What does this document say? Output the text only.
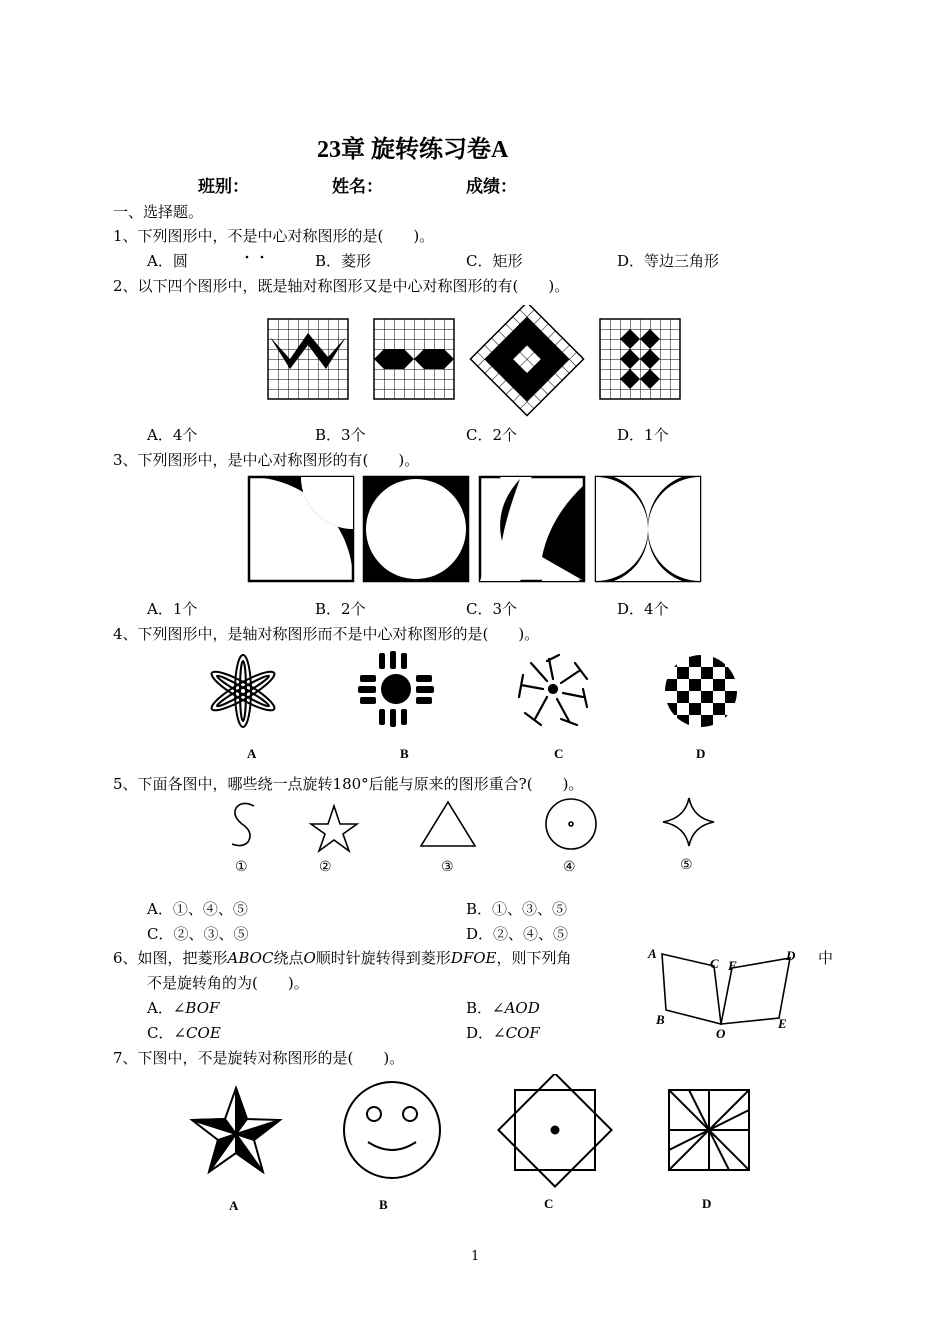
23章 旋转练习卷A
班别：	姓名：	成绩：
一、选择题。
1、下列图形中，不是中心对称图形的是(　　)。
A．圆	B．菱形	C．矩形	D．等边三角形
2、以下四个图形中，既是轴对称图形又是中心对称图形的有(　　)。
A．4个	B．3个	C．2个	D．1个
3、下列图形中，是中心对称图形的有(　　)。
A．1个	B．2个	C．3个	D．4个
4、下列图形中，是轴对称图形而不是中心对称图形的是(　　)。
A	B	C	D
5、下面各图中，哪些绕一点旋转180°后能与原来的图形重合?(　　)。
①	②	③	④	⑤
A．①、④、⑤	B．①、③、⑤
C．②、③、⑤	D．②、④、⑤
6、如图，把菱形ABOC绕点O顺时针旋转得到菱形DFOE，则下列角	中
不是旋转角的为(　　)。
A．∠BOF	B．∠AOD
C．∠COE	D．∠COF
A
B
C F
D
E
O
7、下图中，不是旋转对称图形的是(　　)。
A	B	C	D
1
